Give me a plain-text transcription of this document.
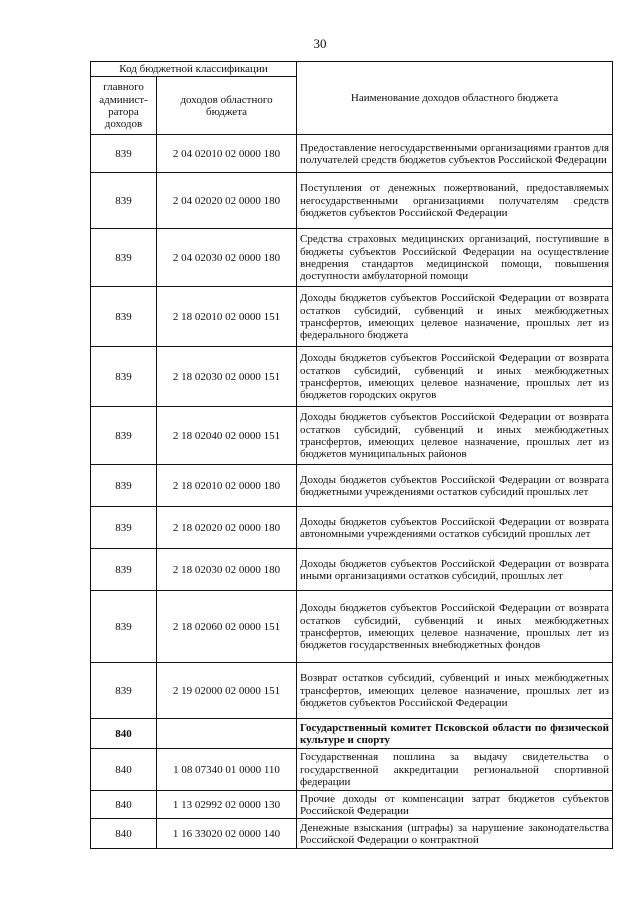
30
Код бюджетной классификации		Наименование доходов областного бюджета
главного админист-ратора доходов	доходов областного бюджета	
839	2 04 02010 02 0000 180	Предоставление негосударственными организациями грантов для получателей средств бюджетов субъектов Российской Федерации
839	2 04 02020 02 0000 180	Поступления от денежных пожертвований, предоставляемых негосударственными организациями получателям средств бюджетов субъектов Российской Федерации
839	2 04 02030 02 0000 180	Средства страховых медицинских организаций, поступившие в бюджеты субъектов Российской Федерации на осуществление внедрения стандартов медицинской помощи, повышения доступности амбулаторной помощи
839	2 18 02010 02 0000 151	Доходы бюджетов субъектов Российской Федерации от возврата остатков субсидий, субвенций и иных межбюджетных трансфертов, имеющих целевое назначение, прошлых лет из федерального бюджета
839	2 18 02030 02 0000 151	Доходы бюджетов субъектов Российской Федерации от возврата остатков субсидий, субвенций и иных межбюджетных трансфертов, имеющих целевое назначение, прошлых лет из бюджетов городских округов
839	2 18 02040 02 0000 151	Доходы бюджетов субъектов Российской Федерации от возврата остатков субсидий, субвенций и иных межбюджетных трансфертов, имеющих целевое назначение, прошлых лет из бюджетов муниципальных районов
839	2 18 02010 02 0000 180	Доходы бюджетов субъектов Российской Федерации от возврата бюджетными учреждениями остатков субсидий прошлых лет
839	2 18 02020 02 0000 180	Доходы бюджетов субъектов Российской Федерации от возврата автономными учреждениями остатков субсидий прошлых лет
839	2 18 02030 02 0000 180	Доходы бюджетов субъектов Российской Федерации от возврата иными организациями остатков субсидий, прошлых лет
839	2 18 02060 02 0000 151	Доходы бюджетов субъектов Российской Федерации от возврата остатков субсидий, субвенций и иных межбюджетных трансфертов, имеющих целевое назначение, прошлых лет из бюджетов государственных внебюджетных фондов
839	2 19 02000 02 0000 151	Возврат остатков субсидий, субвенций и иных межбюджетных трансфертов, имеющих целевое назначение, прошлых лет из бюджетов субъектов Российской Федерации
840		Государственный комитет Псковской области по физической культуре и спорту
840	1 08 07340 01 0000 110	Государственная пошлина за выдачу свидетельства о государственной аккредитации региональной спортивной федерации
840	1 13 02992 02 0000 130	Прочие доходы от компенсации затрат бюджетов субъектов Российской Федерации
840	1 16 33020 02 0000 140	Денежные взыскания (штрафы) за нарушение законодательства Российской Федерации о контрактной
